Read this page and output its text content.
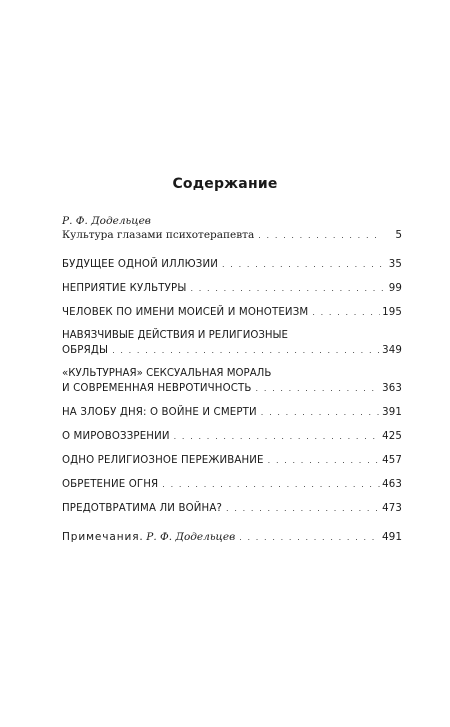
Содержание
Р. Ф. Додельцев
Культура глазами психотерапевта . . .	5
БУДУЩЕЕ ОДНОЙ ИЛЛЮЗИИ . . .	35
НЕПРИЯТИЕ КУЛЬТУРЫ . . .	99
ЧЕЛОВЕК ПО ИМЕНИ МОИСЕЙ И МОНОТЕИЗМ . . .	195
НАВЯЗЧИВЫЕ ДЕЙСТВИЯ И РЕЛИГИОЗНЫЕ
ОБРЯДЫ . . .	349
«КУЛЬТУРНАЯ» СЕКСУАЛЬНАЯ МОРАЛЬ
И СОВРЕМЕННАЯ НЕВРОТИЧНОСТЬ . . .	363
НА ЗЛОБУ ДНЯ: О ВОЙНЕ И СМЕРТИ . . .	391
О МИРОВОЗЗРЕНИИ . . .	425
ОДНО РЕЛИГИОЗНОЕ ПЕРЕЖИВАНИЕ . . .	457
ОБРЕТЕНИЕ ОГНЯ . . .	463
ПРЕДОТВРАТИМА ЛИ ВОЙНА? . . .	473
Примечания. Р. Ф. Додельцев . . .	491
